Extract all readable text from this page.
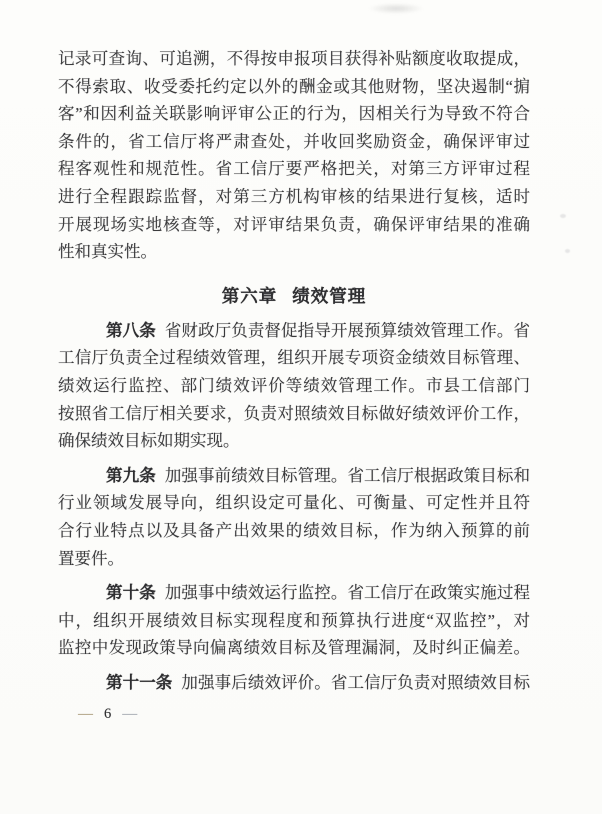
记录可查询、可追溯，不得按申报项目获得补贴额度收取提成，
不得索取、收受委托约定以外的酬金或其他财物，坚决遏制“掮
客”和因利益关联影响评审公正的行为，因相关行为导致不符合
条件的，省工信厅将严肃查处，并收回奖励资金，确保评审过
程客观性和规范性。省工信厅要严格把关，对第三方评审过程
进行全程跟踪监督，对第三方机构审核的结果进行复核，适时
开展现场实地核查等，对评审结果负责，确保评审结果的准确
性和真实性。
第六章 绩效管理
第八条 省财政厅负责督促指导开展预算绩效管理工作。省
工信厅负责全过程绩效管理，组织开展专项资金绩效目标管理、
绩效运行监控、部门绩效评价等绩效管理工作。市县工信部门
按照省工信厅相关要求，负责对照绩效目标做好绩效评价工作，
确保绩效目标如期实现。
第九条 加强事前绩效目标管理。省工信厅根据政策目标和
行业领域发展导向，组织设定可量化、可衡量、可定性并且符
合行业特点以及具备产出效果的绩效目标，作为纳入预算的前
置要件。
第十条 加强事中绩效运行监控。省工信厅在政策实施过程
中，组织开展绩效目标实现程度和预算执行进度“双监控”，对
监控中发现政策导向偏离绩效目标及管理漏洞，及时纠正偏差。
第十一条 加强事后绩效评价。省工信厅负责对照绩效目标
— 6 —
